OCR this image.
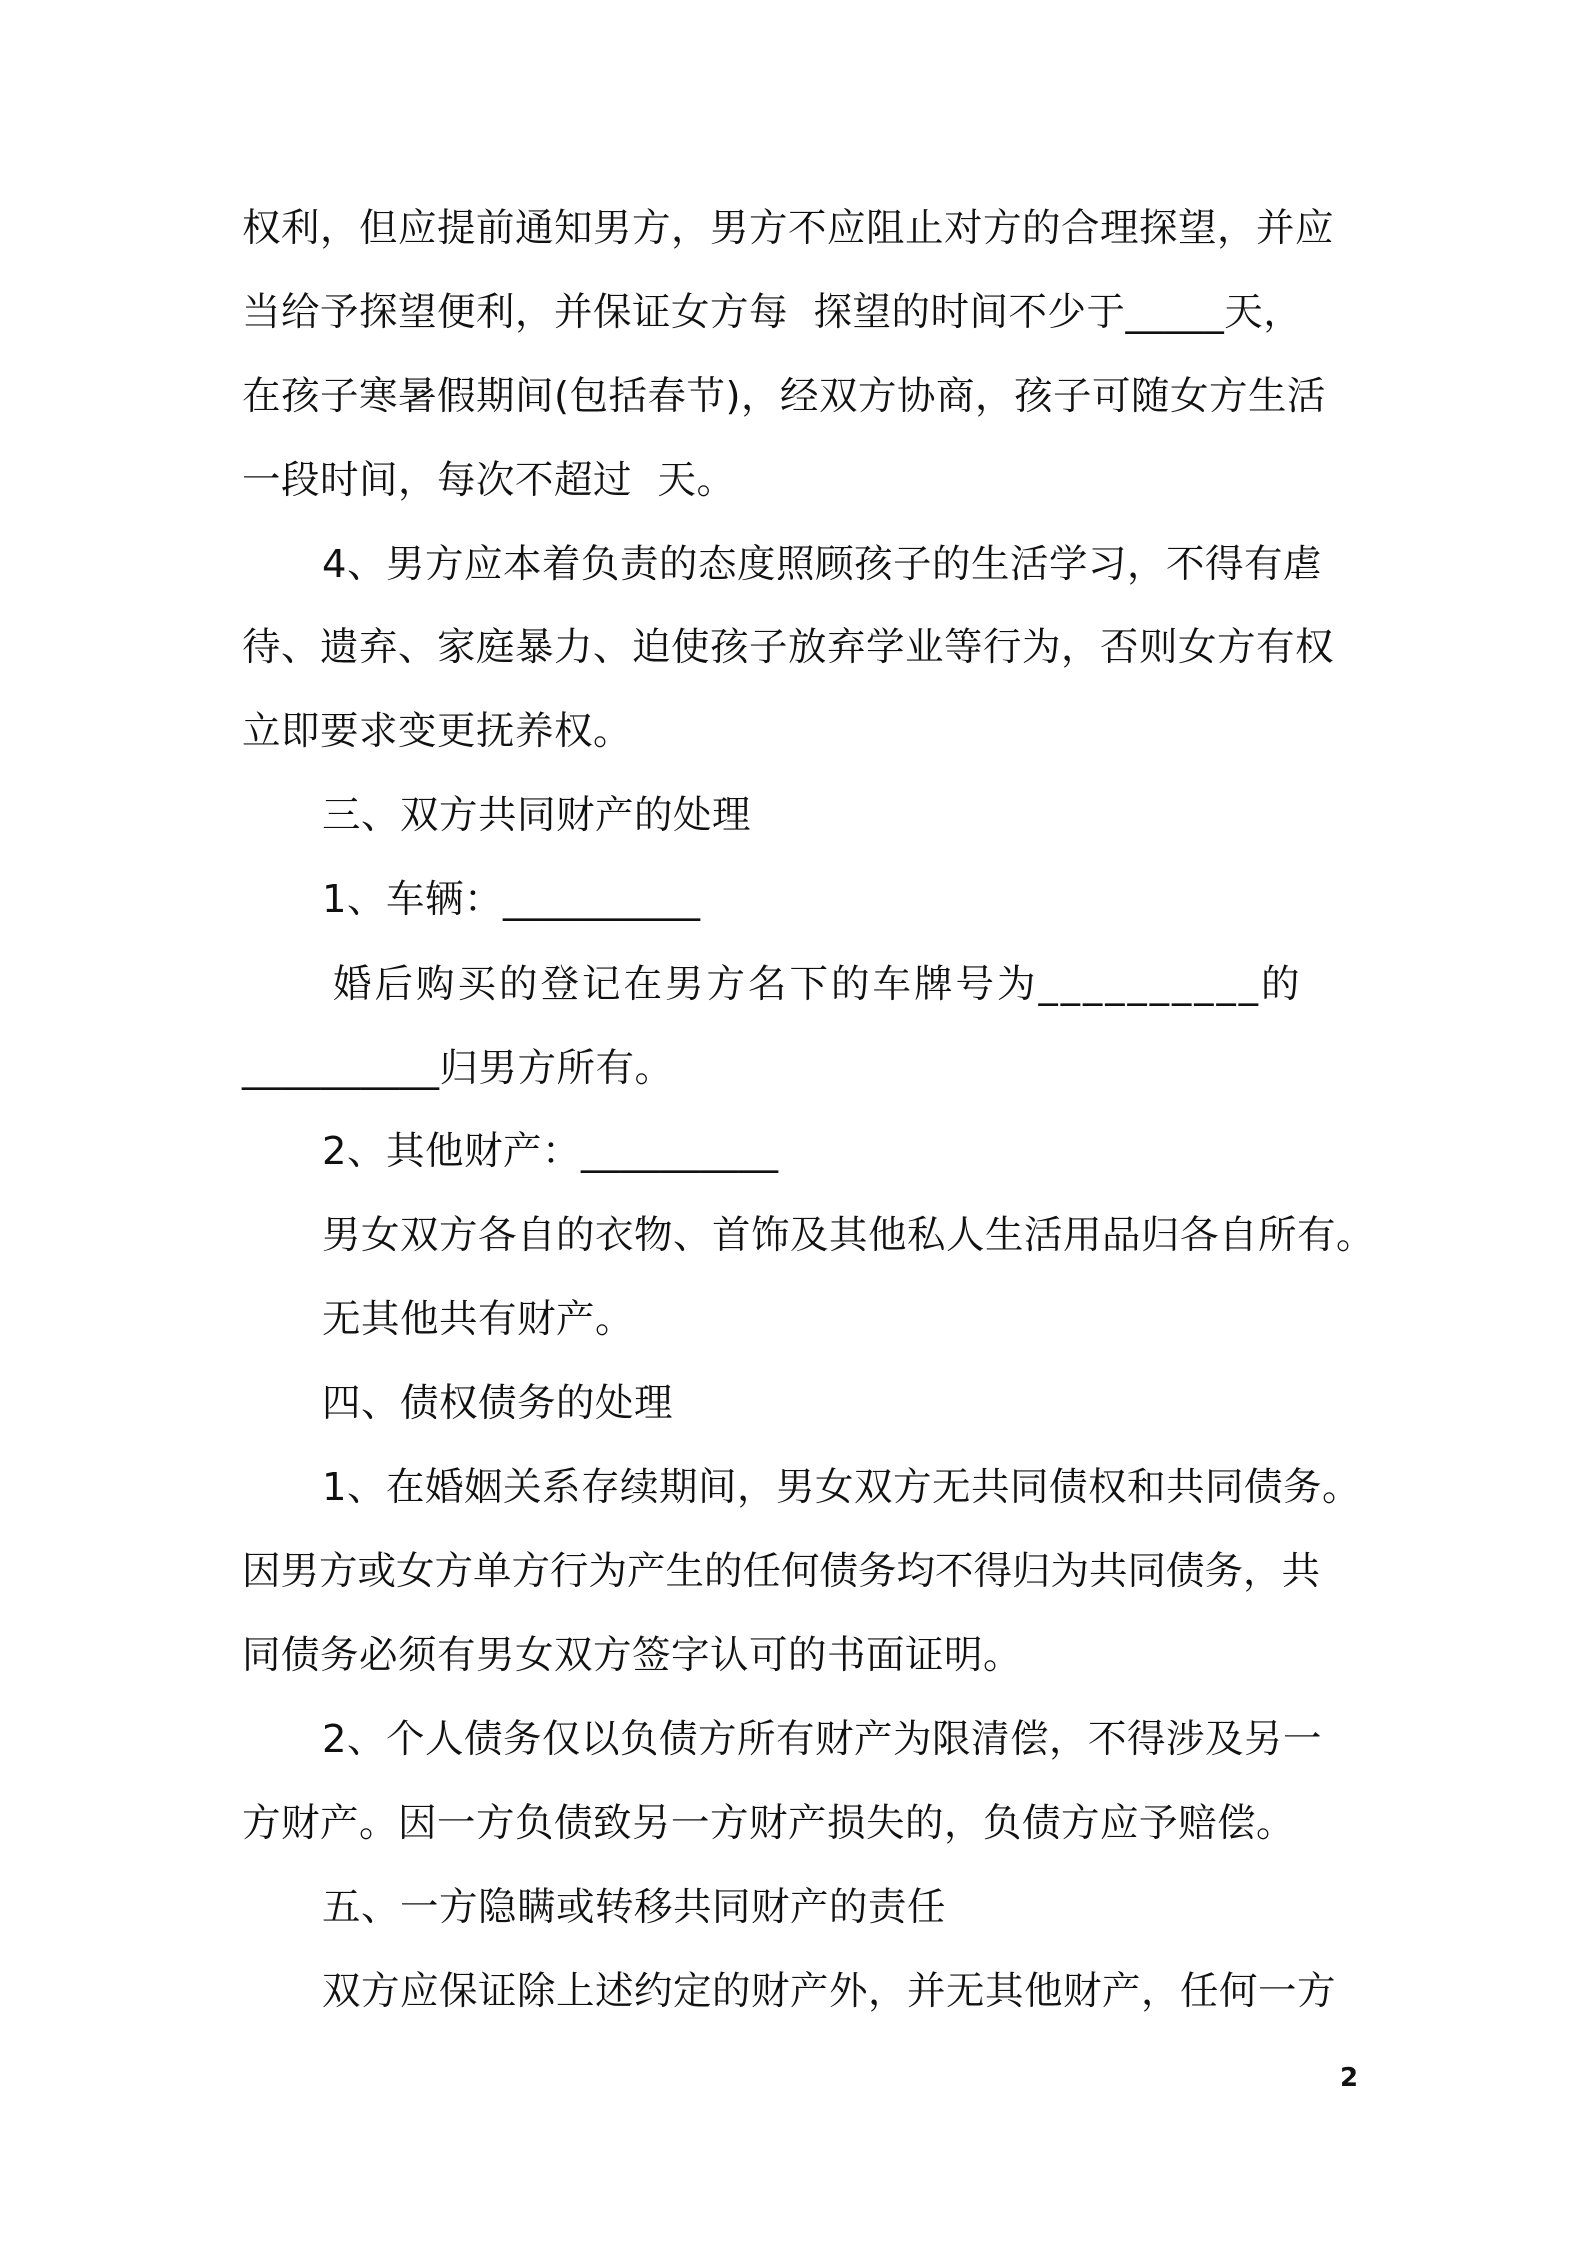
权利，但应提前通知男方，男方不应阻止对方的合理探望，并应
当给予探望便利，并保证女方每  探望的时间不少于_____天，
在孩子寒暑假期间(包括春节)，经双方协商，孩子可随女方生活
一段时间，每次不超过  天。
4、男方应本着负责的态度照顾孩子的生活学习，不得有虐
待、遗弃、家庭暴力、迫使孩子放弃学业等行为，否则女方有权
立即要求变更抚养权。
三、双方共同财产的处理
1、车辆：__________
婚后购买的登记在男方名下的车牌号为__________的
__________归男方所有。
2、其他财产：__________
男女双方各自的衣物、首饰及其他私人生活用品归各自所有。
无其他共有财产。
四、债权债务的处理
1、在婚姻关系存续期间，男女双方无共同债权和共同债务。
因男方或女方单方行为产生的任何债务均不得归为共同债务，共
同债务必须有男女双方签字认可的书面证明。
2、个人债务仅以负债方所有财产为限清偿，不得涉及另一
方财产。因一方负债致另一方财产损失的，负债方应予赔偿。
五、一方隐瞒或转移共同财产的责任
双方应保证除上述约定的财产外，并无其他财产，任何一方
2
